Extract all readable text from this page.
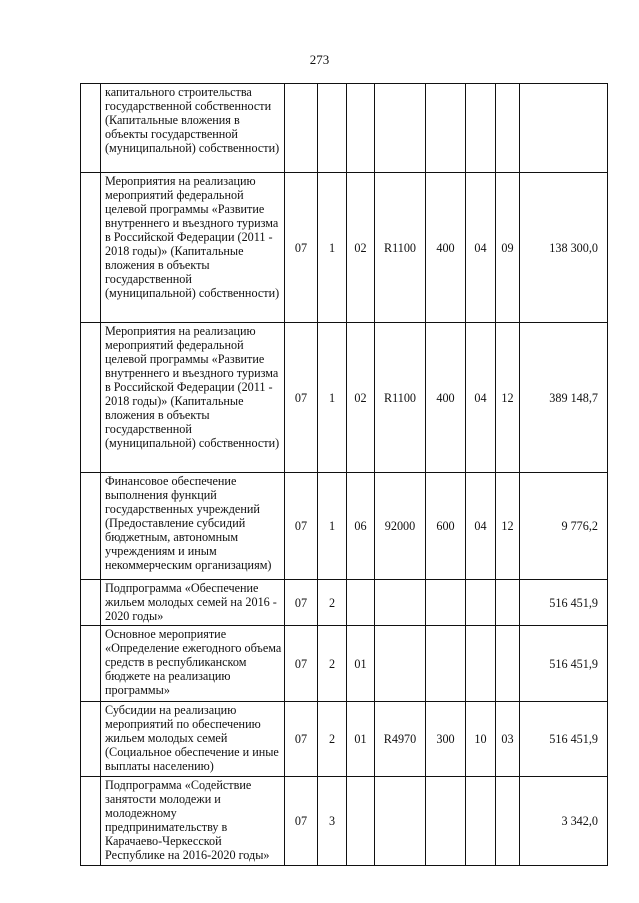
273
	капитального строительства государственной собственности (Капитальные вложения в объекты государственной (муниципальной) собственности)								
	Мероприятия на реализацию мероприятий федеральной целевой программы «Развитие внутреннего и въездного туризма в Российской Федерации (2011 - 2018 годы)» (Капитальные вложения в объекты государственной (муниципальной) собственности)	07	1	02	R1100	400	04	09	138 300,0
	Мероприятия на реализацию мероприятий федеральной целевой программы «Развитие внутреннего и въездного туризма в Российской Федерации (2011 - 2018 годы)» (Капитальные вложения в объекты государственной (муниципальной) собственности)	07	1	02	R1100	400	04	12	389 148,7
	Финансовое обеспечение выполнения функций государственных учреждений (Предоставление субсидий бюджетным, автономным учреждениям и иным некоммерческим организациям)	07	1	06	92000	600	04	12	9 776,2
	Подпрограмма «Обеспечение жильем молодых семей на 2016 - 2020 годы»	07	2						516 451,9
	Основное мероприятие «Определение ежегодного объема средств в республиканском бюджете на реализацию программы»	07	2	01					516 451,9
	Субсидии на реализацию мероприятий по обеспечению жильем молодых семей (Социальное обеспечение и иные выплаты населению)	07	2	01	R4970	300	10	03	516 451,9
	Подпрограмма «Содействие занятости молодежи и молодежному предпринимательству в Карачаево-Черкесской Республике на 2016-2020 годы»	07	3						3 342,0
